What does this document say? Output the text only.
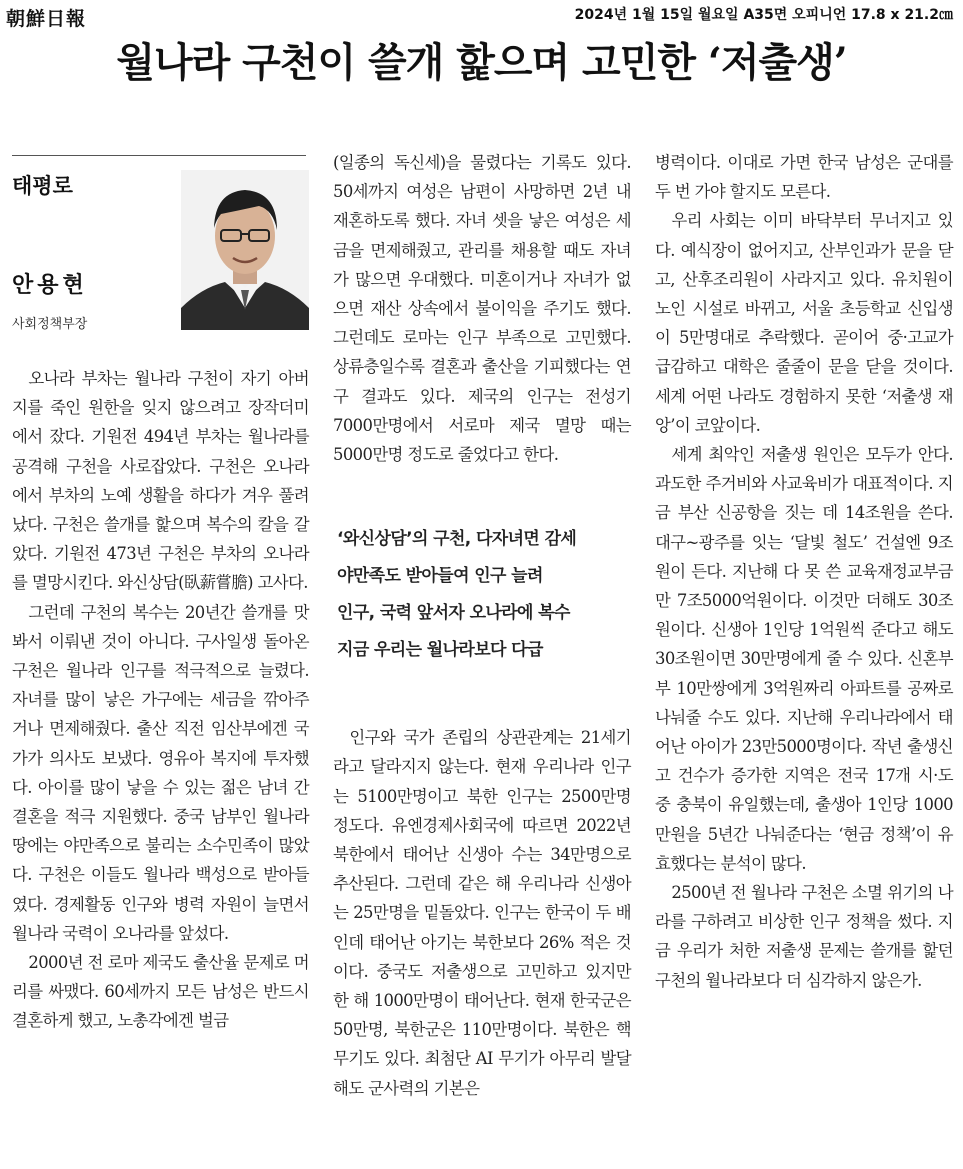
朝鮮日報	2024년 1월 15일 월요일 A35면 오피니언 17.8 x 21.2㎝
월나라 구천이 쓸개 핥으며 고민한 ‘저출생’
태평로
안용현
사회정책부장

오나라 부차는 월나라 구천이 자기 아버지를 죽인 원한을 잊지 않으려고 장작더미에서 잤다. 기원전 494년 부차는 월나라를 공격해 구천을 사로잡았다. 구천은 오나라에서 부차의 노예 생활을 하다가 겨우 풀려났다. 구천은 쓸개를 핥으며 복수의 칼을 갈았다. 기원전 473년 구천은 부차의 오나라를 멸망시킨다. 와신상담(臥薪嘗膽) 고사다.

그런데 구천의 복수는 20년간 쓸개를 맛봐서 이뤄낸 것이 아니다. 구사일생 돌아온 구천은 월나라 인구를 적극적으로 늘렸다. 자녀를 많이 낳은 가구에는 세금을 깎아주거나 면제해줬다. 출산 직전 임산부에겐 국가가 의사도 보냈다. 영유아 복지에 투자했다. 아이를 많이 낳을 수 있는 젊은 남녀 간 결혼을 적극 지원했다. 중국 남부인 월나라 땅에는 야만족으로 불리는 소수민족이 많았다. 구천은 이들도 월나라 백성으로 받아들였다. 경제활동 인구와 병력 자원이 늘면서 월나라 국력이 오나라를 앞섰다.

2000년 전 로마 제국도 출산율 문제로 머리를 싸맸다. 60세까지 모든 남성은 반드시 결혼하게 했고, 노총각에겐 벌금

(일종의 독신세)을 물렸다는 기록도 있다. 50세까지 여성은 남편이 사망하면 2년 내 재혼하도록 했다. 자녀 셋을 낳은 여성은 세금을 면제해줬고, 관리를 채용할 때도 자녀가 많으면 우대했다. 미혼이거나 자녀가 없으면 재산 상속에서 불이익을 주기도 했다. 그런데도 로마는 인구 부족으로 고민했다. 상류층일수록 결혼과 출산을 기피했다는 연구 결과도 있다. 제국의 인구는 전성기 7000만명에서 서로마 제국 멸망 때는 5000만명 정도로 줄었다고 한다.

‘와신상담’의 구천, 다자녀면 감세
야만족도 받아들여 인구 늘려
인구, 국력 앞서자 오나라에 복수
지금 우리는 월나라보다 다급

인구와 국가 존립의 상관관계는 21세기라고 달라지지 않는다. 현재 우리나라 인구는 5100만명이고 북한 인구는 2500만명 정도다. 유엔경제사회국에 따르면 2022년 북한에서 태어난 신생아 수는 34만명으로 추산된다. 그런데 같은 해 우리나라 신생아는 25만명을 밑돌았다. 인구는 한국이 두 배인데 태어난 아기는 북한보다 26% 적은 것이다. 중국도 저출생으로 고민하고 있지만 한 해 1000만명이 태어난다. 현재 한국군은 50만명, 북한군은 110만명이다. 북한은 핵무기도 있다. 최첨단 AI 무기가 아무리 발달해도 군사력의 기본은

병력이다. 이대로 가면 한국 남성은 군대를 두 번 가야 할지도 모른다.

우리 사회는 이미 바닥부터 무너지고 있다. 예식장이 없어지고, 산부인과가 문을 닫고, 산후조리원이 사라지고 있다. 유치원이 노인 시설로 바뀌고, 서울 초등학교 신입생이 5만명대로 추락했다. 곧이어 중·고교가 급감하고 대학은 줄줄이 문을 닫을 것이다. 세계 어떤 나라도 경험하지 못한 ‘저출생 재앙’이 코앞이다.

세계 최악인 저출생 원인은 모두가 안다. 과도한 주거비와 사교육비가 대표적이다. 지금 부산 신공항을 짓는 데 14조원을 쓴다. 대구~광주를 잇는 ‘달빛 철도’ 건설엔 9조원이 든다. 지난해 다 못 쓴 교육재정교부금만 7조5000억원이다. 이것만 더해도 30조원이다. 신생아 1인당 1억원씩 준다고 해도 30조원이면 30만명에게 줄 수 있다. 신혼부부 10만쌍에게 3억원짜리 아파트를 공짜로 나눠줄 수도 있다. 지난해 우리나라에서 태어난 아이가 23만5000명이다. 작년 출생신고 건수가 증가한 지역은 전국 17개 시·도 중 충북이 유일했는데, 출생아 1인당 1000만원을 5년간 나눠준다는 ‘현금 정책’이 유효했다는 분석이 많다.

2500년 전 월나라 구천은 소멸 위기의 나라를 구하려고 비상한 인구 정책을 썼다. 지금 우리가 처한 저출생 문제는 쓸개를 핥던 구천의 월나라보다 더 심각하지 않은가.
